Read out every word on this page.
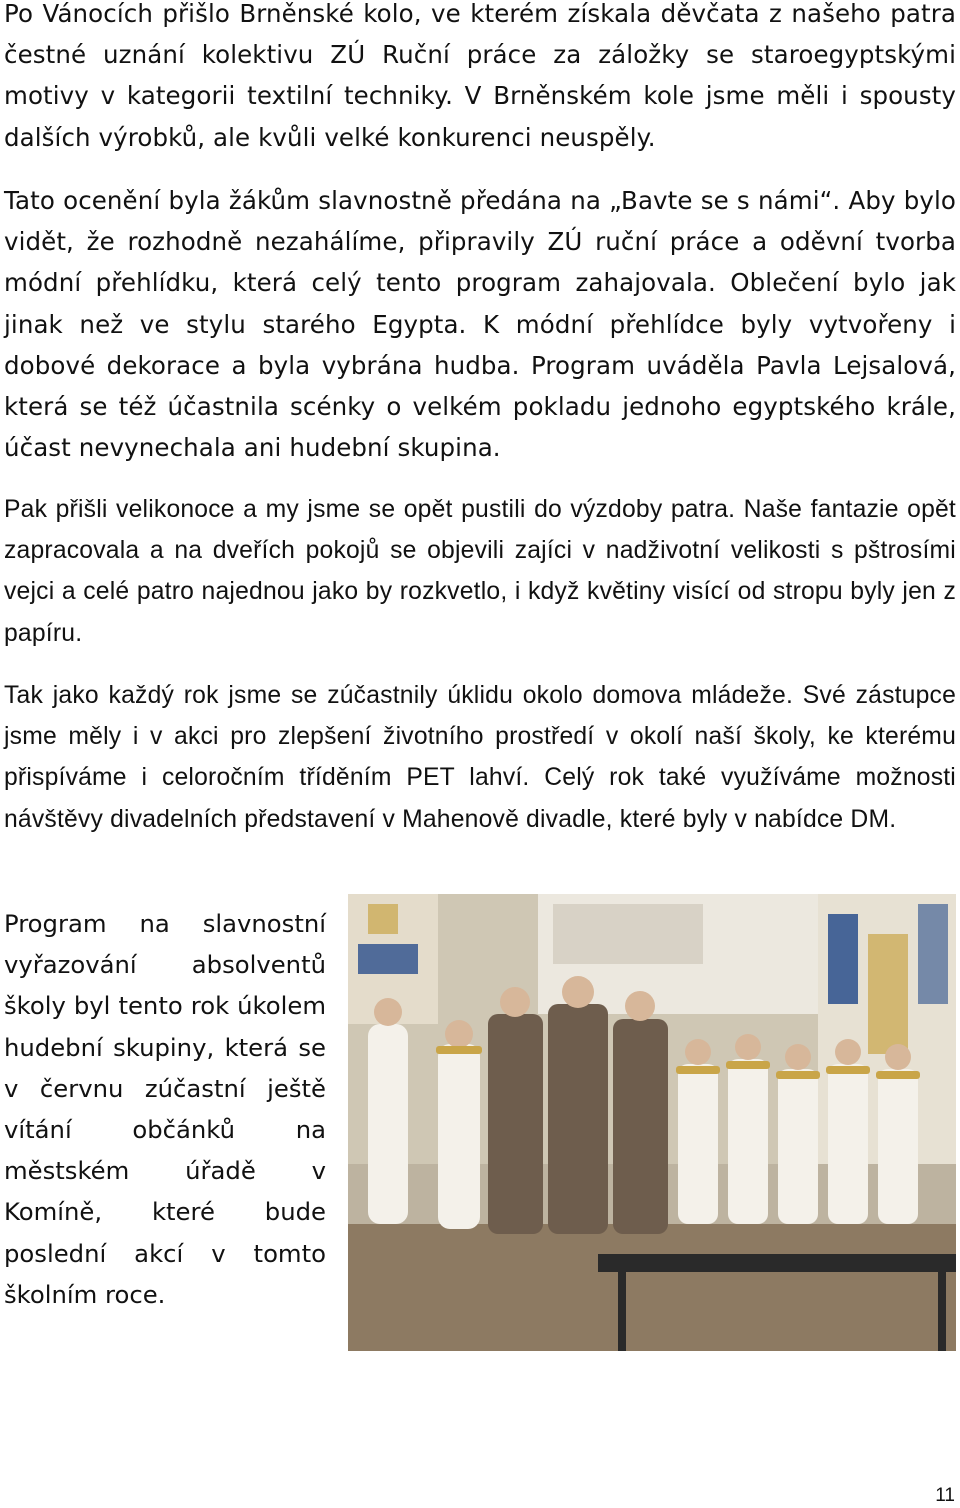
Po Vánocích přišlo Brněnské kolo, ve kterém získala děvčata z našeho patra čestné uznání kolektivu ZÚ Ruční práce za záložky se staroegyptskými motivy v kategorii textilní techniky. V Brněnském kole jsme měli i spousty dalších výrobků, ale kvůli velké konkurenci neuspěly.

Tato ocenění byla žákům slavnostně předána na „Bavte se s námi“. Aby bylo vidět, že rozhodně nezahálíme, připravily ZÚ ruční práce a oděvní tvorba módní přehlídku, která celý tento program zahajovala. Oblečení bylo jak jinak než ve stylu starého Egypta. K módní přehlídce byly vytvořeny i dobové dekorace a byla vybrána hudba. Program uváděla Pavla Lejsalová, která se též účastnila scénky o velkém pokladu jednoho egyptského krále, účast nevynechala ani hudební skupina.

Pak přišli velikonoce a my jsme se opět pustili do výzdoby patra. Naše fantazie opět zapracovala a na dveřích pokojů se objevili zajíci v nadživotní velikosti s pštrosími vejci a celé patro najednou jako by rozkvetlo, i když květiny visící od stropu byly jen z papíru.

Tak jako každý rok jsme se zúčastnily úklidu okolo domova mládeže. Své zástupce jsme měly i v akci pro zlepšení životního prostředí v okolí naší školy, ke kterému přispíváme i celoročním tříděním PET lahví. Celý rok také využíváme možnosti návštěvy divadelních představení v Mahenově divadle, které byly v nabídce DM.

Program na slavnostní vyřazování absolventů školy byl tento rok úkolem hudební skupiny, která se v červnu zúčastní ještě vítání občánků na městském úřadě v Komíně, které bude poslední akcí v tomto školním roce.

11
